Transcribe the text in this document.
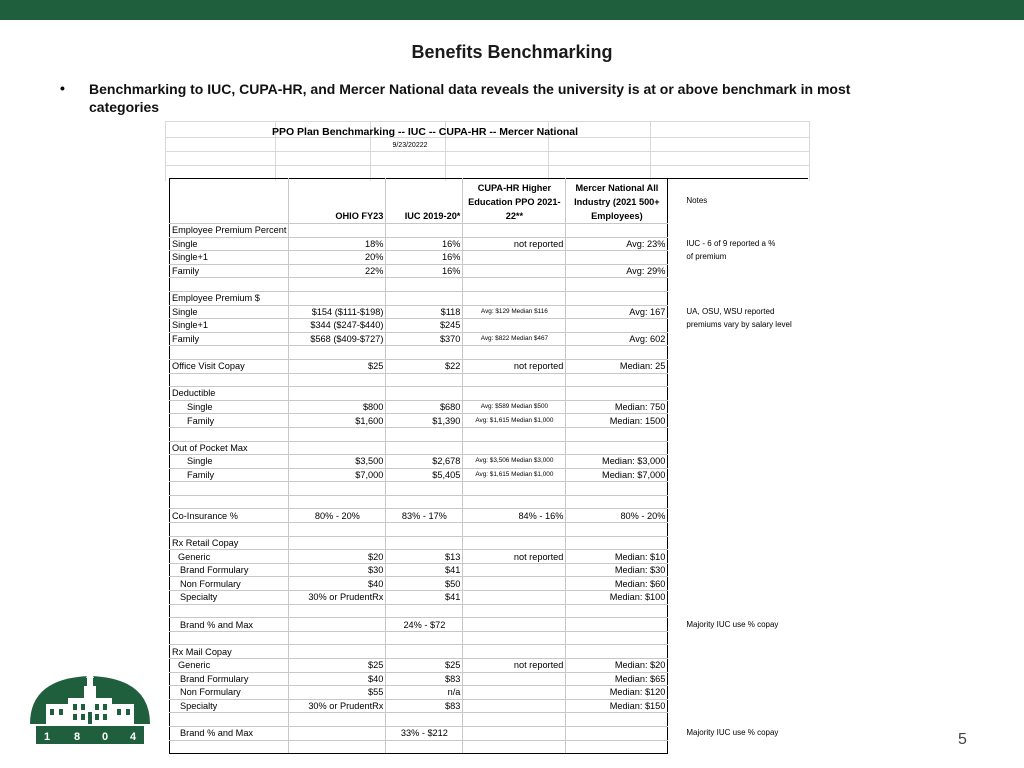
Benefits Benchmarking
• Benchmarking to IUC, CUPA-HR, and Mercer National data reveals the university is at or above benchmark in most categories
PPO Plan Benchmarking -- IUC -- CUPA-HR -- Mercer National
9/23/20222
	OHIO FY23	IUC 2019-20*	CUPA-HR Higher Education PPO 2021-22**	Mercer National All Industry (2021 500+ Employees)	Notes
Employee Premium Percent					
Single	18%	16%	not reported	Avg: 23%	IUC - 6 of 9 reported a %
Single+1	20%	16%			of premium
Family	22%	16%		Avg: 29%	

Employee Premium $					
Single	$154 ($111-$198)	$118	Avg: $129 Median $116	Avg: 167	UA, OSU, WSU reported
Single+1	$344 ($247-$440)	$245			premiums vary by salary level
Family	$568 ($409-$727)	$370	Avg: $822 Median $467	Avg: 602	

Office Visit Copay	$25	$22	not reported	Median: 25	

Deductible					
Single	$800	$680	Avg: $589 Median $500	Median: 750	
Family	$1,600	$1,390	Avg: $1,615 Median $1,000	Median: 1500	

Out of Pocket Max					
Single	$3,500	$2,678	Avg: $3,506 Median $3,000	Median: $3,000	
Family	$7,000	$5,405	Avg: $1,615 Median $1,000	Median: $7,000	

Co-Insurance %	80% - 20%	83% - 17%	84% - 16%	80% - 20%	

Rx Retail Copay					
Generic	$20	$13	not reported	Median: $10	
Brand Formulary	$30	$41		Median: $30	
Non Formulary	$40	$50		Median: $60	
Specialty	30% or PrudentRx	$41		Median: $100	

Brand % and Max		24% - $72			Majority IUC use % copay

Rx Mail Copay					
Generic	$25	$25	not reported	Median: $20	
Brand Formulary	$40	$83		Median: $65	
Non Formulary	$55	n/a		Median: $120	
Specialty	30% or PrudentRx	$83		Median: $150	

Brand % and Max		33% - $212			Majority IUC use % copay

1 8 0 4	5
